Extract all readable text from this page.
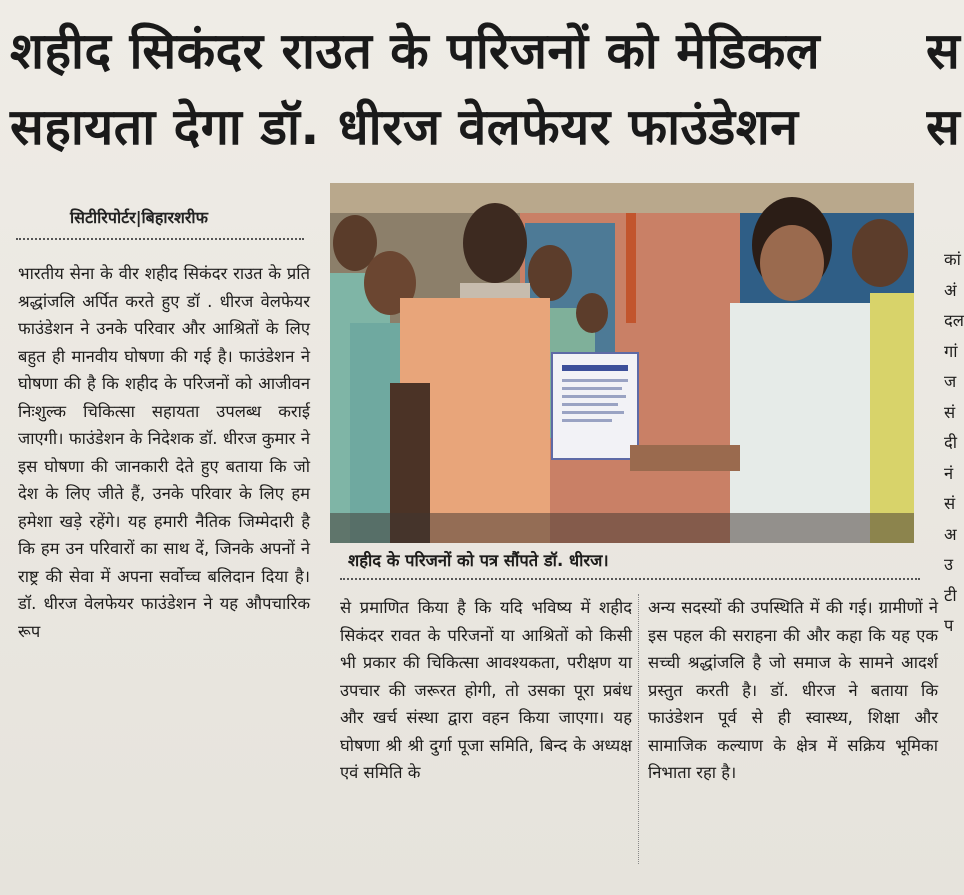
शहीद सिकंदर राउत के परिजनों को मेडिकल
सहायता देगा डॉ. धीरज वेलफेयर फाउंडेशन
स
स
सिटीरिपोर्टर|बिहारशरीफ
भारतीय सेना के वीर शहीद सिकंदर राउत के प्रति श्रद्धांजलि अर्पित करते हुए डॉ . धीरज वेलफेयर फाउंडेशन ने उनके परिवार और आश्रितों के लिए बहुत ही मानवीय घोषणा की गई है। फाउंडेशन ने घोषणा की है कि शहीद के परिजनों को आजीवन निःशुल्क चिकित्सा सहायता उपलब्ध कराई जाएगी। फाउंडेशन के निदेशक डॉ. धीरज कुमार ने इस घोषणा की जानकारी देते हुए बताया कि जो देश के लिए जीते हैं, उनके परिवार के लिए हम हमेशा खड़े रहेंगे। यह हमारी नैतिक जिम्मेदारी है कि हम उन परिवारों का साथ दें, जिनके अपनों ने राष्ट्र की सेवा में अपना सर्वोच्च बलिदान दिया है। डॉ. धीरज वेलफेयर फाउंडेशन ने यह औपचारिक रूप
शहीद के परिजनों को पत्र सौंपते डॉ. धीरज।
से प्रमाणित किया है कि यदि भविष्य में शहीद सिकंदर रावत के परिजनों या आश्रितों को किसी भी प्रकार की चिकित्सा आवश्यकता, परीक्षण या उपचार की जरूरत होगी, तो उसका पूरा प्रबंध और खर्च संस्था द्वारा वहन किया जाएगा। यह घोषणा श्री श्री दुर्गा पूजा समिति, बिन्द के अध्यक्ष एवं समिति के
अन्य सदस्यों की उपस्थिति में की गई। ग्रामीणों ने इस पहल की सराहना की और कहा कि यह एक सच्ची श्रद्धांजलि है जो समाज के सामने आदर्श प्रस्तुत करती है। डॉ. धीरज ने बताया कि फाउंडेशन पूर्व से ही स्वास्थ्य, शिक्षा और सामाजिक कल्याण के क्षेत्र में सक्रिय भूमिका निभाता रहा है।
कां
अं
दल
गां
ज
सं
दी
नं
सं
अ
उ
टी
प
